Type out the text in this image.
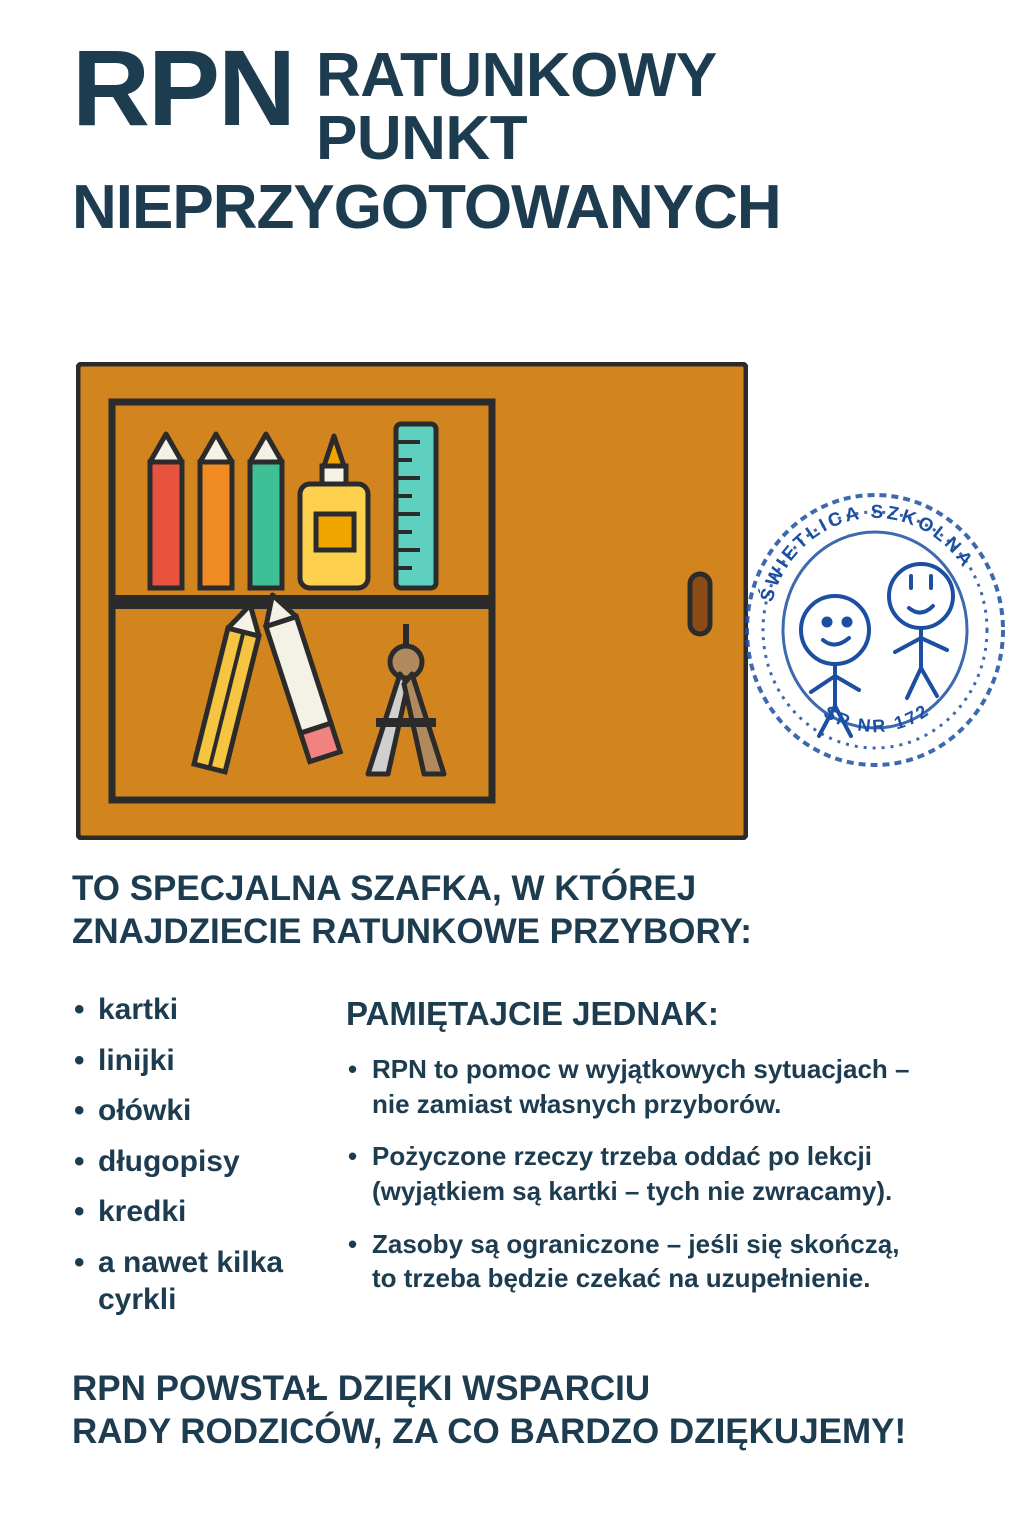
RPN RATUNKOWY
PUNKT
NIEPRZYGOTOWANYCH
ŚWIETLICA SZKOLNA
SP NR 172
TO SPECJALNA SZAFKA, W KTÓREJ
ZNAJDZIECIE RATUNKOWE PRZYBORY:
• kartki
• linijki
• ołówki
• długopisy
• kredki
• a nawet kilka cyrkli
PAMIĘTAJCIE JEDNAK:
• RPN to pomoc w wyjątkowych sytuacjach –
nie zamiast własnych przyborów.
• Pożyczone rzeczy trzeba oddać po lekcji
(wyjątkiem są kartki – tych nie zwracamy).
• Zasoby są ograniczone – jeśli się skończą,
to trzeba będzie czekać na uzupełnienie.
RPN POWSTAŁ DZIĘKI WSPARCIU
RADY RODZICÓW, ZA CO BARDZO DZIĘKUJEMY!
